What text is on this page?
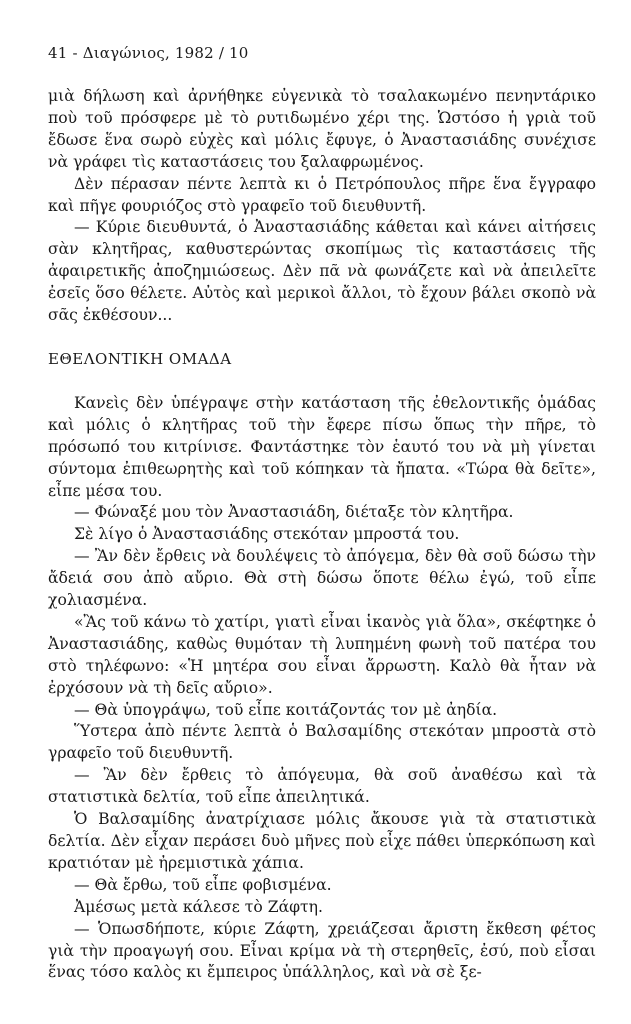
41 - Διαγώνιος, 1982 / 10

μιὰ δήλωση καὶ ἀρνήθηκε εὐγενικὰ τὸ τσαλακωμένο πενηντάρικο ποὺ τοῦ πρόσφερε μὲ τὸ ρυτιδωμένο χέρι της. Ὡστόσο ἡ γριὰ τοῦ ἔδωσε ἕνα σωρὸ εὐχὲς καὶ μόλις ἔφυγε, ὁ Ἀναστασιάδης συνέχισε νὰ γράφει τὶς καταστάσεις του ξαλαφρωμένος.

Δὲν πέρασαν πέντε λεπτὰ κι ὁ Πετρόπουλος πῆρε ἕνα ἔγγραφο καὶ πῆγε φουριόζος στὸ γραφεῖο τοῦ διευθυντῆ.

— Κύριε διευθυντά, ὁ Ἀναστασιάδης κάθεται καὶ κάνει αἰτήσεις σὰν κλητῆρας, καθυστερώντας σκοπίμως τὶς καταστάσεις τῆς ἀφαιρετικῆς ἀποζημιώσεως. Δὲν πᾶ νὰ φωνάζετε καὶ νὰ ἀπειλεῖτε ἐσεῖς ὅσο θέλετε. Αὐτὸς καὶ μερικοὶ ἄλλοι, τὸ ἔχουν βάλει σκοπὸ νὰ σᾶς ἐκθέσουν...

ΕΘΕΛΟΝΤΙΚΗ ΟΜΑΔΑ

Κανεὶς δὲν ὑπέγραψε στὴν κατάσταση τῆς ἐθελοντικῆς ὁμάδας καὶ μόλις ὁ κλητῆρας τοῦ τὴν ἔφερε πίσω ὅπως τὴν πῆρε, τὸ πρόσωπό του κιτρίνισε. Φαντάστηκε τὸν ἑαυτό του νὰ μὴ γίνεται σύντομα ἐπιθεωρητὴς καὶ τοῦ κόπηκαν τὰ ἤπατα. «Τώρα θὰ δεῖτε», εἶπε μέσα του.

— Φώναξέ μου τὸν Ἀναστασιάδη, διέταξε τὸν κλητῆρα.

Σὲ λίγο ὁ Ἀναστασιάδης στεκόταν μπροστά του.

— Ἂν δὲν ἔρθεις νὰ δουλέψεις τὸ ἀπόγεμα, δὲν θὰ σοῦ δώσω τὴν ἄδειά σου ἀπὸ αὔριο. Θὰ στὴ δώσω ὅποτε θέλω ἐγώ, τοῦ εἶπε χολιασμένα.

«Ἂς τοῦ κάνω τὸ χατίρι, γιατὶ εἶναι ἱκανὸς γιὰ ὅλα», σκέφτηκε ὁ Ἀναστασιάδης, καθὼς θυμόταν τὴ λυπημένη φωνὴ τοῦ πατέρα του στὸ τηλέφωνο: «Ἡ μητέρα σου εἶναι ἄρρωστη. Καλὸ θὰ ἦταν νὰ ἐρχόσουν νὰ τὴ δεῖς αὔριο».

— Θὰ ὑπογράψω, τοῦ εἶπε κοιτάζοντάς τον μὲ ἀηδία.

Ὕστερα ἀπὸ πέντε λεπτὰ ὁ Βαλσαμίδης στεκόταν μπροστὰ στὸ γραφεῖο τοῦ διευθυντῆ.

— Ἂν δὲν ἔρθεις τὸ ἀπόγευμα, θὰ σοῦ ἀναθέσω καὶ τὰ στατιστικὰ δελτία, τοῦ εἶπε ἀπειλητικά.

Ὁ Βαλσαμίδης ἀνατρίχιασε μόλις ἄκουσε γιὰ τὰ στατιστικὰ δελτία. Δὲν εἶχαν περάσει δυὸ μῆνες ποὺ εἶχε πάθει ὑπερκόπωση καὶ κρατιόταν μὲ ἠρεμιστικὰ χάπια.

— Θὰ ἔρθω, τοῦ εἶπε φοβισμένα.

Ἀμέσως μετὰ κάλεσε τὸ Ζάφτη.

— Ὁπωσδήποτε, κύριε Ζάφτη, χρειάζεσαι ἄριστη ἔκθεση φέτος γιὰ τὴν προαγωγή σου. Εἶναι κρίμα νὰ τὴ στερηθεῖς, ἐσύ, ποὺ εἶσαι ἕνας τόσο καλὸς κι ἔμπειρος ὑπάλληλος, καὶ νὰ σὲ ξε-
